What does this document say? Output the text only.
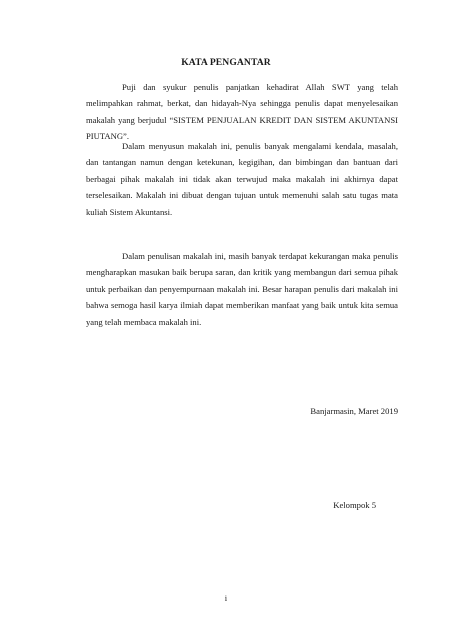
KATA PENGANTAR

Puji dan syukur penulis panjatkan kehadirat Allah SWT yang telah melimpahkan rahmat, berkat, dan hidayah-Nya sehingga penulis dapat menyelesaikan makalah yang berjudul “SISTEM PENJUALAN KREDIT DAN SISTEM AKUNTANSI PIUTANG”.

Dalam menyusun makalah ini, penulis banyak mengalami kendala, masalah, dan tantangan namun dengan ketekunan, kegigihan, dan bimbingan dan bantuan dari berbagai pihak makalah ini tidak akan terwujud maka makalah ini akhirnya dapat terselesaikan. Makalah ini dibuat dengan tujuan untuk memenuhi salah satu tugas mata kuliah Sistem Akuntansi.

Dalam penulisan makalah ini, masih banyak terdapat kekurangan maka penulis mengharapkan masukan baik berupa saran, dan kritik yang membangun dari semua pihak untuk perbaikan dan penyempurnaan makalah ini. Besar harapan penulis dari makalah ini bahwa semoga hasil karya ilmiah dapat memberikan manfaat yang baik untuk kita semua yang telah membaca makalah ini.

Banjarmasin, Maret 2019
Kelompok 5
i
